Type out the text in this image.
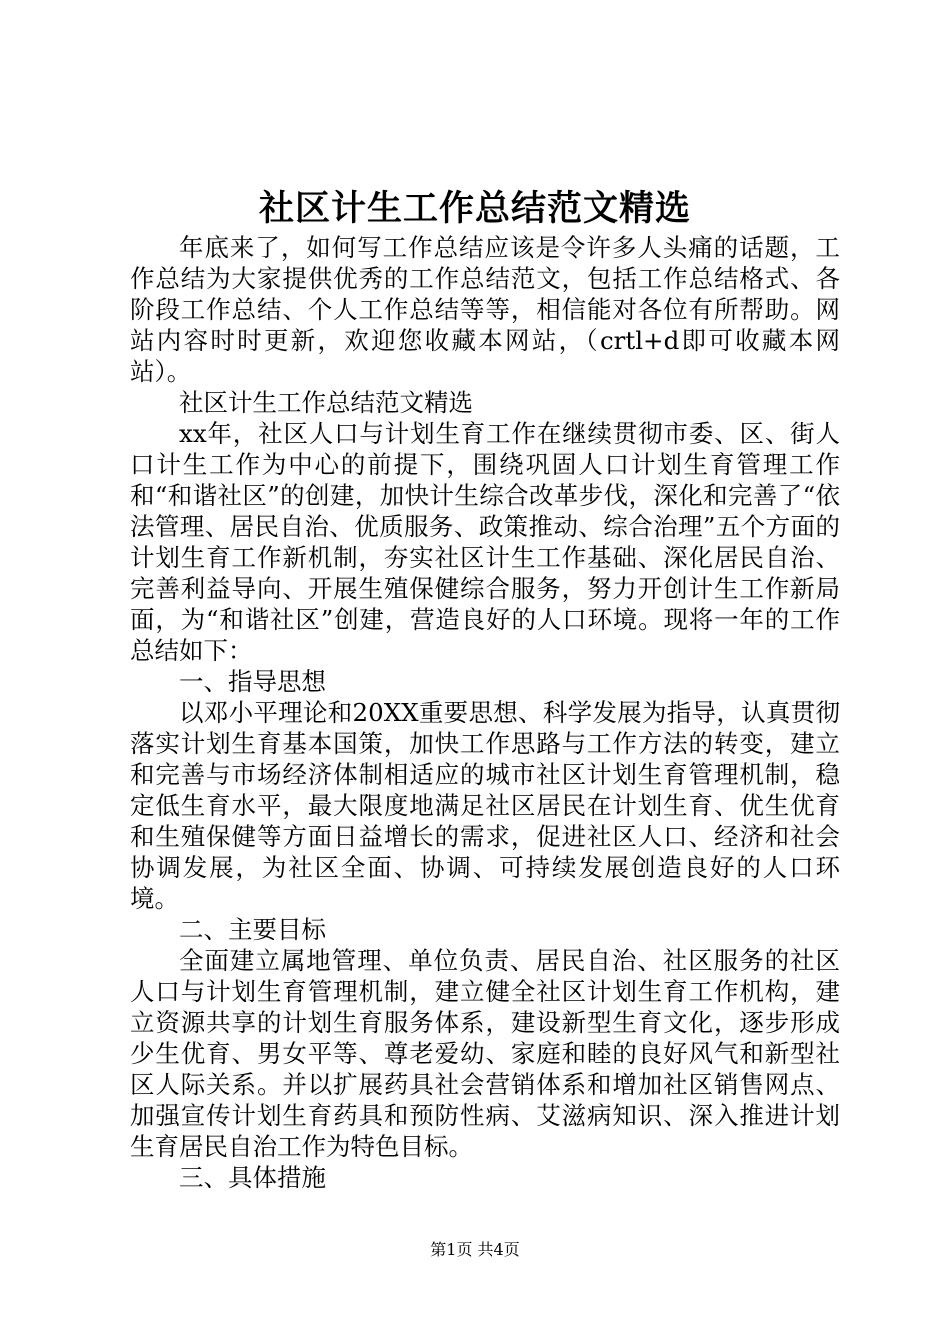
社区计生工作总结范文精选

年底来了，如何写工作总结应该是令许多人头痛的话题，工作总结为大家提供优秀的工作总结范文，包括工作总结格式、各阶段工作总结、个人工作总结等等，相信能对各位有所帮助。网站内容时时更新，欢迎您收藏本网站，（crtl+d即可收藏本网站）。

社区计生工作总结范文精选

xx年，社区人口与计划生育工作在继续贯彻市委、区、街人口计生工作为中心的前提下，围绕巩固人口计划生育管理工作和“和谐社区”的创建，加快计生综合改革步伐，深化和完善了“依法管理、居民自治、优质服务、政策推动、综合治理”五个方面的计划生育工作新机制，夯实社区计生工作基础、深化居民自治、完善利益导向、开展生殖保健综合服务，努力开创计生工作新局面，为“和谐社区”创建，营造良好的人口环境。现将一年的工作总结如下：

一、指导思想

以邓小平理论和20XX重要思想、科学发展为指导，认真贯彻落实计划生育基本国策，加快工作思路与工作方法的转变，建立和完善与市场经济体制相适应的城市社区计划生育管理机制，稳定低生育水平，最大限度地满足社区居民在计划生育、优生优育和生殖保健等方面日益增长的需求，促进社区人口、经济和社会协调发展，为社区全面、协调、可持续发展创造良好的人口环境。

二、主要目标

全面建立属地管理、单位负责、居民自治、社区服务的社区人口与计划生育管理机制，建立健全社区计划生育工作机构，建立资源共享的计划生育服务体系，建设新型生育文化，逐步形成少生优育、男女平等、尊老爱幼、家庭和睦的良好风气和新型社区人际关系。并以扩展药具社会营销体系和增加社区销售网点、加强宣传计划生育药具和预防性病、艾滋病知识、深入推进计划生育居民自治工作为特色目标。

三、具体措施

第1页 共4页
